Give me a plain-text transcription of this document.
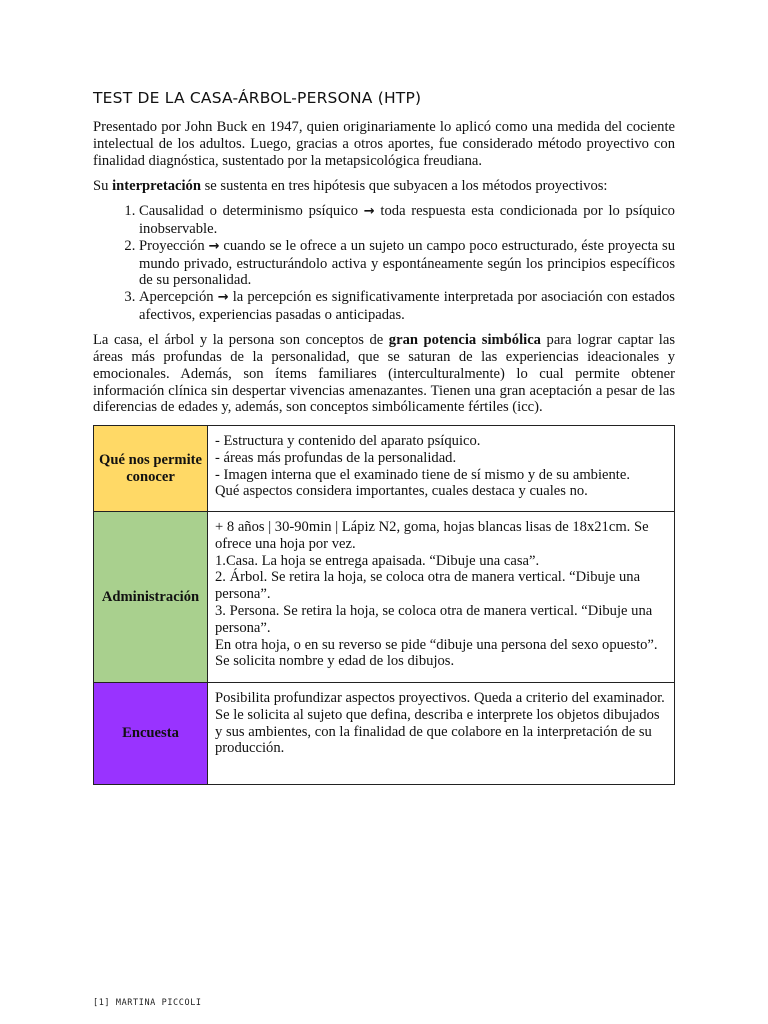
TEST DE LA CASA-ÁRBOL-PERSONA (HTP)

Presentado por John Buck en 1947, quien originariamente lo aplicó como una medida del cociente intelectual de los adultos. Luego, gracias a otros aportes, fue considerado método proyectivo con finalidad diagnóstica, sustentado por la metapsicológica freudiana.

Su interpretación se sustenta en tres hipótesis que subyacen a los métodos proyectivos:

1. Causalidad o determinismo psíquico → toda respuesta esta condicionada por lo psíquico inobservable.
2. Proyección → cuando se le ofrece a un sujeto un campo poco estructurado, éste proyecta su mundo privado, estructurándolo activa y espontáneamente según los principios específicos de su personalidad.
3. Apercepción → la percepción es significativamente interpretada por asociación con estados afectivos, experiencias pasadas o anticipadas.

La casa, el árbol y la persona son conceptos de gran potencia simbólica para lograr captar las áreas más profundas de la personalidad, que se saturan de las experiencias ideacionales y emocionales. Además, son ítems familiares (interculturalmente) lo cual permite obtener información clínica sin despertar vivencias amenazantes. Tienen una gran aceptación a pesar de las diferencias de edades y, además, son conceptos simbólicamente fértiles (icc).

Qué nos permite conocer	- Estructura y contenido del aparato psíquico.
- áreas más profundas de la personalidad.
- Imagen interna que el examinado tiene de sí mismo y de su ambiente.
Qué aspectos considera importantes, cuales destaca y cuales no.

Administración	+ 8 años | 30-90min | Lápiz N2, goma, hojas blancas lisas de 18x21cm. Se ofrece una hoja por vez.
1.Casa. La hoja se entrega apaisada. “Dibuje una casa”.
2. Árbol. Se retira la hoja, se coloca otra de manera vertical. “Dibuje una persona”.
3. Persona. Se retira la hoja, se coloca otra de manera vertical. “Dibuje una persona”.
En otra hoja, o en su reverso se pide “dibuje una persona del sexo opuesto”. Se solicita nombre y edad de los dibujos.

Encuesta	Posibilita profundizar aspectos proyectivos. Queda a criterio del examinador.
Se le solicita al sujeto que defina, describa e interprete los objetos dibujados y sus ambientes, con la finalidad de que colabore en la interpretación de su producción.
[1] MARTINA PICCOLI
